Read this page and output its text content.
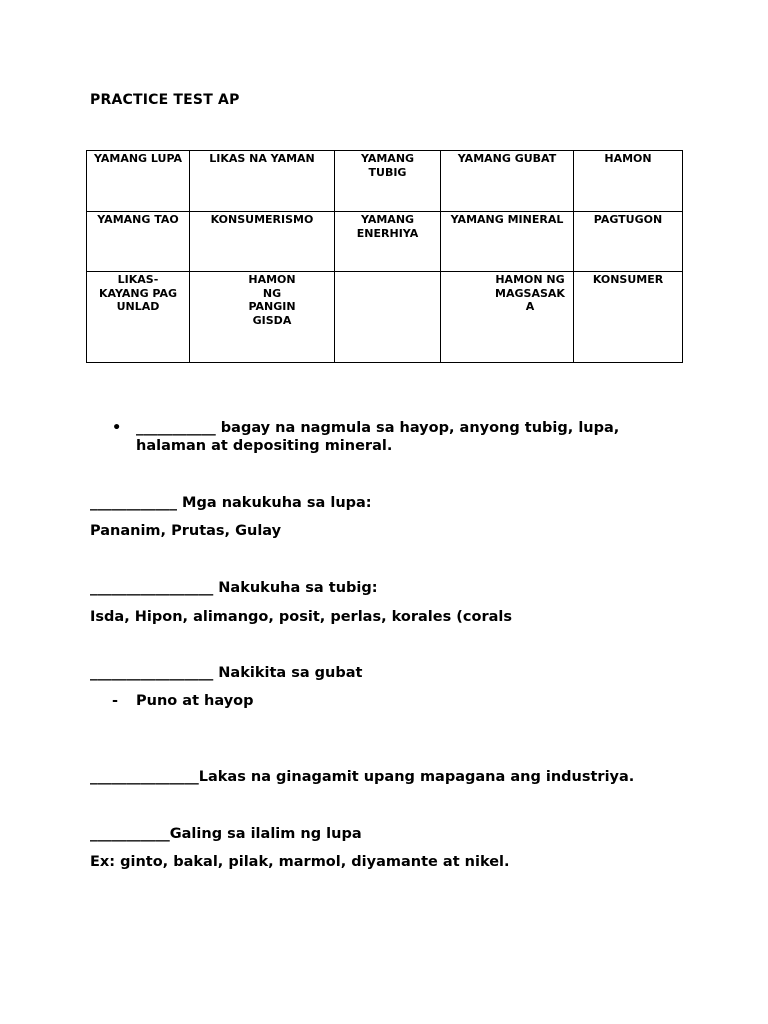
PRACTICE TEST AP
YAMANG LUPA	LIKAS NA YAMAN	YAMANG TUBIG	YAMANG GUBAT	HAMON

YAMANG TAO	KONSUMERISMO	YAMANG ENERHIYA	YAMANG MINERAL	PAGTUGON

LIKAS-KAYANG PAG UNLAD	HAMON NG PANGINGISDA		HAMON NG MAGSASAKA	KONSUMER
• ___________ bagay na nagmula sa hayop, anyong tubig, lupa, halaman at depositing mineral.
____________ Mga nakukuha sa lupa:
Pananim, Prutas, Gulay
_________________ Nakukuha sa tubig:
Isda, Hipon, alimango, posit, perlas, korales (corals
_________________ Nakikita sa gubat
- Puno at hayop
_______________Lakas na ginagamit upang mapagana ang industriya.
___________Galing sa ilalim ng lupa
Ex: ginto, bakal, pilak, marmol, diyamante at nikel.
